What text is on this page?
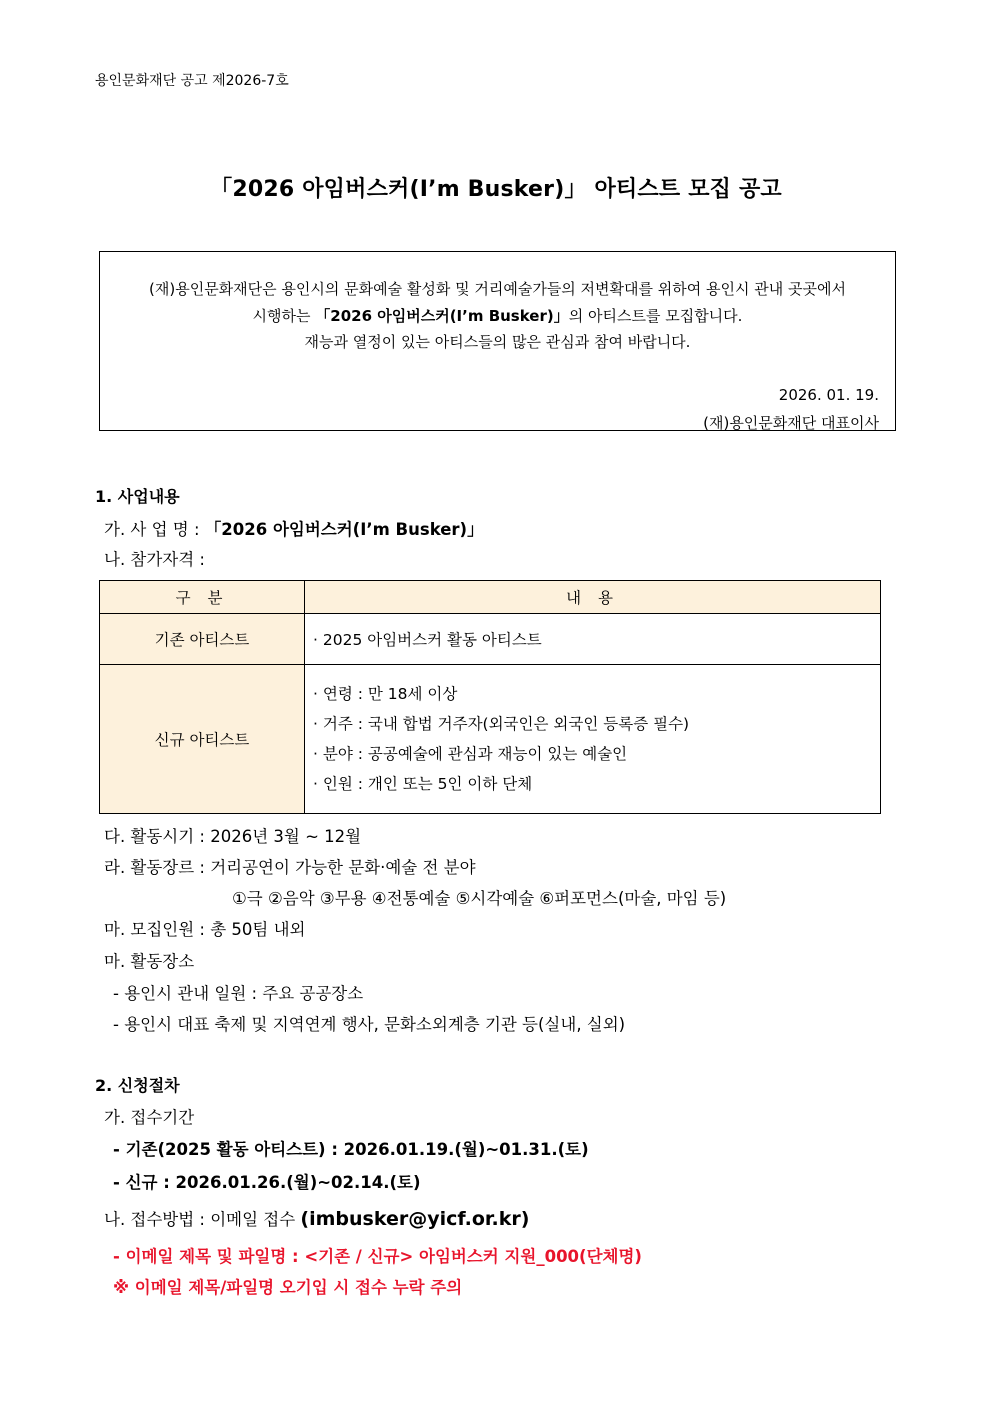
용인문화재단 공고 제2026-7호
「2026 아임버스커(I’m Busker)」 아티스트 모집 공고
(재)용인문화재단은 용인시의 문화예술 활성화 및 거리예술가들의 저변확대를 위하여 용인시 관내 곳곳에서
시행하는 「2026 아임버스커(I’m Busker)」의 아티스트를 모집합니다.
재능과 열정이 있는 아티스들의 많은 관심과 참여 바랍니다.
2026. 01. 19.
(재)용인문화재단 대표이사
1. 사업내용
가. 사 업 명 : 「2026 아임버스커(I’m Busker)」
나. 참가자격 :
구 분	내 용
기존 아티스트	· 2025 아임버스커 활동 아티스트
신규 아티스트	· 연령 : 만 18세 이상
· 거주 : 국내 합법 거주자(외국인은 외국인 등록증 필수)
· 분야 : 공공예술에 관심과 재능이 있는 예술인
· 인원 : 개인 또는 5인 이하 단체
다. 활동시기 : 2026년 3월 ~ 12월
라. 활동장르 : 거리공연이 가능한 문화·예술 전 분야
①극 ②음악 ③무용 ④전통예술 ⑤시각예술 ⑥퍼포먼스(마술, 마임 등)
마. 모집인원 : 총 50팀 내외
마. 활동장소
- 용인시 관내 일원 : 주요 공공장소
- 용인시 대표 축제 및 지역연계 행사, 문화소외계층 기관 등(실내, 실외)
2. 신청절차
가. 접수기간
- 기존(2025 활동 아티스트) : 2026.01.19.(월)~01.31.(토)
- 신규 : 2026.01.26.(월)~02.14.(토)
나. 접수방법 : 이메일 접수 (imbusker@yicf.or.kr)
- 이메일 제목 및 파일명 : <기존 / 신규> 아임버스커 지원_000(단체명)
※ 이메일 제목/파일명 오기입 시 접수 누락 주의
